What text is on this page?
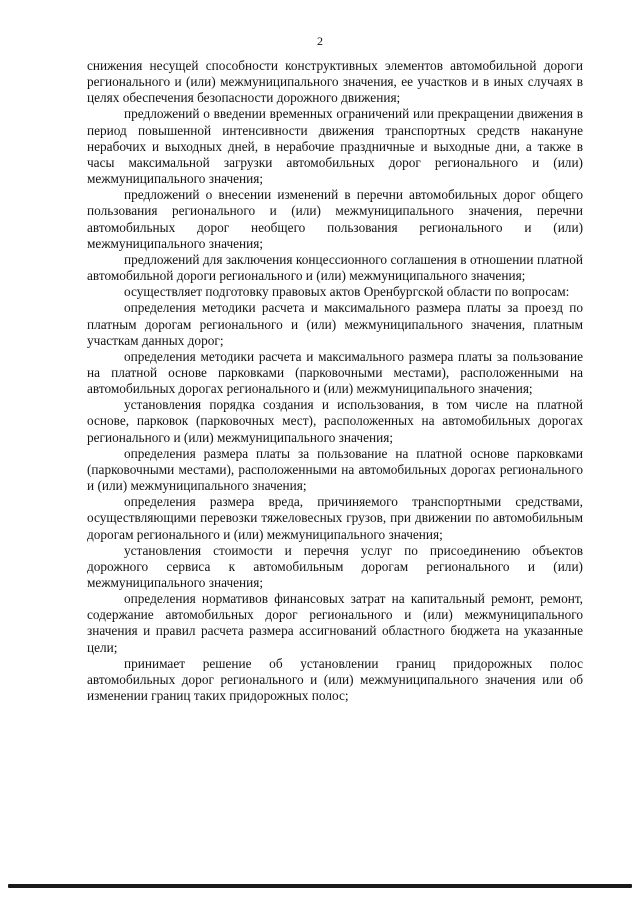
2

снижения несущей способности конструктивных элементов автомобильной дороги регионального и (или) межмуниципального значения, ее участков и в иных случаях в целях обеспечения безопасности дорожного движения;

предложений о введении временных ограничений или прекращении движения в период повышенной интенсивности движения транспортных средств накануне нерабочих и выходных дней, в нерабочие праздничные и выходные дни, а также в часы максимальной загрузки автомобильных дорог регионального и (или) межмуниципального значения;

предложений о внесении изменений в перечни автомобильных дорог общего пользования регионального и (или) межмуниципального значения, перечни автомобильных дорог необщего пользования регионального и (или) межмуниципального значения;

предложений для заключения концессионного соглашения в отношении платной автомобильной дороги регионального и (или) межмуниципального значения;

осуществляет подготовку правовых актов Оренбургской области по вопросам:

определения методики расчета и максимального размера платы за проезд по платным дорогам регионального и (или) межмуниципального значения, платным участкам данных дорог;

определения методики расчета и максимального размера платы за пользование на платной основе парковками (парковочными местами), расположенными на автомобильных дорогах регионального и (или) межмуниципального значения;

установления порядка создания и использования, в том числе на платной основе, парковок (парковочных мест), расположенных на автомобильных дорогах регионального и (или) межмуниципального значения;

определения размера платы за пользование на платной основе парковками (парковочными местами), расположенными на автомобильных дорогах регионального и (или) межмуниципального значения;

определения размера вреда, причиняемого транспортными средствами, осуществляющими перевозки тяжеловесных грузов, при движении по автомобильным дорогам регионального и (или) межмуниципального значения;

установления стоимости и перечня услуг по присоединению объектов дорожного сервиса к автомобильным дорогам регионального и (или) межмуниципального значения;

определения нормативов финансовых затрат на капитальный ремонт, ремонт, содержание автомобильных дорог регионального и (или) межмуниципального значения и правил расчета размера ассигнований областного бюджета на указанные цели;

принимает решение об установлении границ придорожных полос автомобильных дорог регионального и (или) межмуниципального значения или об изменении границ таких придорожных полос;
